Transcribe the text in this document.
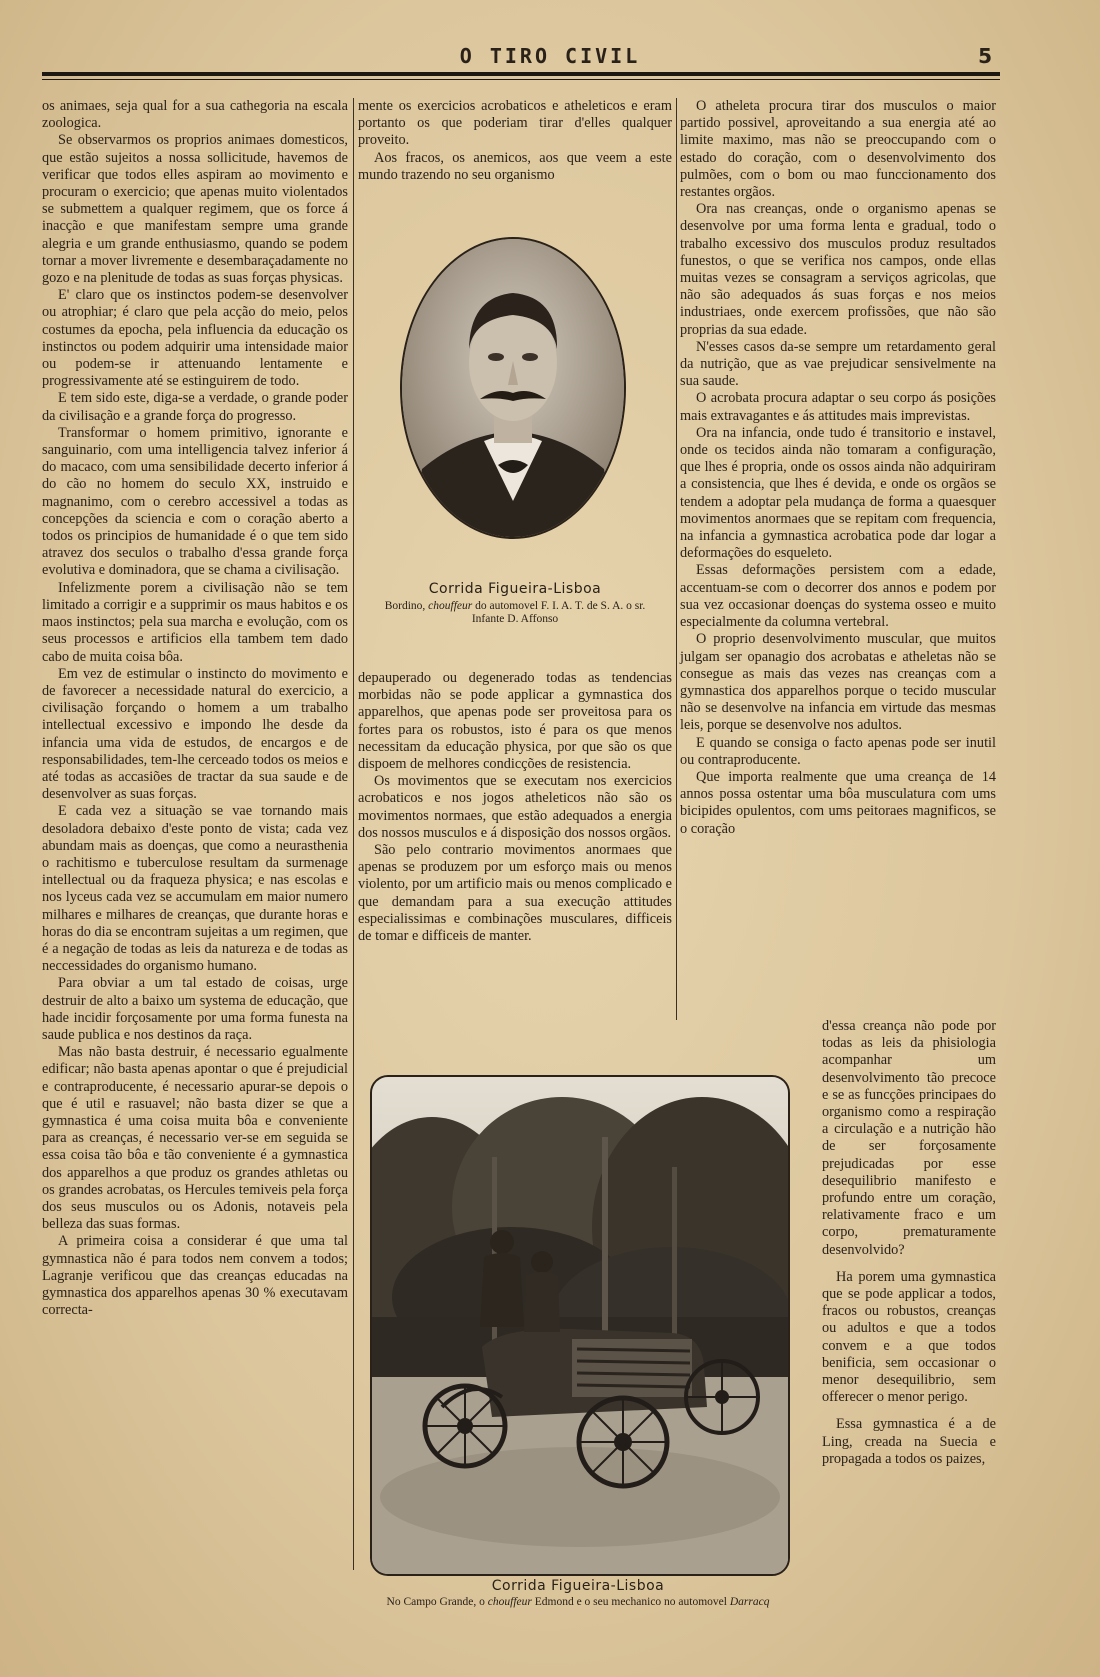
O TIRO CIVIL	5

os animaes, seja qual for a sua cathegoria na escala zoologica.

Se observarmos os proprios animaes domesticos, que estão sujeitos a nossa sollicitude, havemos de verificar que todos elles aspiram ao movimento e procuram o exercicio; que apenas muito violentados se submettem a qualquer regimem, que os force á inacção e que manifestam sempre uma grande alegria e um grande enthusiasmo, quando se podem tornar a mover livremente e desembaraçadamente no gozo e na plenitude de todas as suas forças physicas.

E' claro que os instinctos podem-se desenvolver ou atrophiar; é claro que pela acção do meio, pelos costumes da epocha, pela influencia da educação os instinctos ou podem adquirir uma intensidade maior ou podem-se ir attenuando lentamente e progressivamente até se estinguirem de todo.

E tem sido este, diga-se a verdade, o grande poder da civilisação e a grande força do progresso.

Transformar o homem primitivo, ignorante e sanguinario, com uma intelligencia talvez inferior á do macaco, com uma sensibilidade decerto inferior á do cão no homem do seculo XX, instruido e magnanimo, com o cerebro accessivel a todas as concepções da sciencia e com o coração aberto a todos os principios de humanidade é o que tem sido atravez dos seculos o trabalho d'essa grande força evolutiva e dominadora, que se chama a civilisação.

Infelizmente porem a civilisação não se tem limitado a corrigir e a supprimir os maus habitos e os maos instinctos; pela sua marcha e evolução, com os seus processos e artificios ella tambem tem dado cabo de muita coisa bôa.

Em vez de estimular o instincto do movimento e de favorecer a necessidade natural do exercicio, a civilisação forçando o homem a um trabalho intellectual excessivo e impondo lhe desde da infancia uma vida de estudos, de encargos e de responsabilidades, tem-lhe cerceado todos os meios e até todas as accasiões de tractar da sua saude e de desenvolver as suas forças.

E cada vez a situação se vae tornando mais desoladora debaixo d'este ponto de vista; cada vez abundam mais as doenças, que como a neurasthenia o rachitismo e tuberculose resultam da surmenage intellectual ou da fraqueza physica; e nas escolas e nos lyceus cada vez se accumulam em maior numero milhares e milhares de creanças, que durante horas e horas do dia se encontram sujeitas a um regimen, que é a negação de todas as leis da natureza e de todas as neccessidades do organismo humano.

Para obviar a um tal estado de coisas, urge destruir de alto a baixo um systema de educação, que hade incidir forçosamente por uma forma funesta na saude publica e nos destinos da raça.

Mas não basta destruir, é necessario egualmente edificar; não basta apenas apontar o que é prejudicial e contraproducente, é necessario apurar-se depois o que é util e rasuavel; não basta dizer se que a gymnastica é uma coisa muita bôa e conveniente para as creanças, é necessario ver-se em seguida se essa coisa tão bôa e tão conveniente é a gymnastica dos apparelhos a que produz os grandes athletas ou os grandes acrobatas, os Hercules temiveis pela força dos seus musculos ou os Adonis, notaveis pela belleza das suas formas.

A primeira coisa a considerar é que uma tal gymnastica não é para todos nem convem a todos; Lagranje verificou que das creanças educadas na gymnastica dos apparelhos apenas 30 % executavam correcta-

mente os exercicios acrobaticos e atheleticos e eram portanto os que poderiam tirar d'elles qualquer proveito.

Aos fracos, os anemicos, aos que veem a este mundo trazendo no seu organismo

Corrida Figueira-Lisboa
Bordino, chouffeur do automovel F. I. A. T. de S. A. o sr. Infante D. Affonso

depauperado ou degenerado todas as tendencias morbidas não se pode applicar a gymnastica dos apparelhos, que apenas pode ser proveitosa para os fortes para os robustos, isto é para os que menos necessitam da educação physica, por que são os que dispoem de melhores condicções de resistencia.

Os movimentos que se executam nos exercicios acrobaticos e nos jogos atheleticos não são os movimentos normaes, que estão adequados a energia dos nossos musculos e á disposição dos nossos orgãos.

São pelo contrario movimentos anormaes que apenas se produzem por um esforço mais ou menos violento, por um artificio mais ou menos complicado e que demandam para a sua execução attitudes especialissimas e combinações musculares, difficeis de tomar e difficeis de manter.

O atheleta procura tirar dos musculos o maior partido possivel, aproveitando a sua energia até ao limite maximo, mas não se preoccupando com o estado do coração, com o desenvolvimento dos pulmões, com o bom ou mao funccionamento dos restantes orgãos.

Ora nas creanças, onde o organismo apenas se desenvolve por uma forma lenta e gradual, todo o trabalho excessivo dos musculos produz resultados funestos, o que se verifica nos campos, onde ellas muitas vezes se consagram a serviços agricolas, que não são adequados ás suas forças e nos meios industriaes, onde exercem profissões, que não são proprias da sua edade.

N'esses casos da-se sempre um retardamento geral da nutrição, que as vae prejudicar sensivelmente na sua saude.

O acrobata procura adaptar o seu corpo ás posições mais extravagantes e ás attitudes mais imprevistas.

Ora na infancia, onde tudo é transitorio e instavel, onde os tecidos ainda não tomaram a configuração, que lhes é propria, onde os ossos ainda não adquiriram a consistencia, que lhes é devida, e onde os orgãos se tendem a adoptar pela mudança de forma a quaesquer movimentos anormaes que se repitam com frequencia, na infancia a gymnastica acrobatica pode dar logar a deformações do esqueleto.

Essas deformações persistem com a edade, accentuam-se com o decorrer dos annos e podem por sua vez occasionar doenças do systema osseo e muito especialmente da columna vertebral.

O proprio desenvolvimento muscular, que muitos julgam ser opanagio dos acrobatas e atheletas não se consegue as mais das vezes nas creanças com a gymnastica dos apparelhos porque o tecido muscular não se desenvolve na infancia em virtude das mesmas leis, porque se desenvolve nos adultos.

E quando se consiga o facto apenas pode ser inutil ou contraproducente.

Que importa realmente que uma creança de 14 annos possa ostentar uma bôa musculatura com ums bicipides opulentos, com ums peitoraes magnificos, se o coração

d'essa creança não pode por todas as leis da phisiologia acompanhar um desenvolvimento tão precoce e se as funcções principaes do organismo como a respiração a circulação e a nutrição hão de ser forçosamente prejudicadas por esse desequilibrio manifesto e profundo entre um coração, relativamente fraco e um corpo, prematuramente desenvolvido?

Ha porem uma gymnastica que se pode applicar a todos, fracos ou robustos, creanças ou adultos e que a todos convem e a que todos benificia, sem occasionar o menor desequilibrio, sem offerecer o menor perigo.

Essa gymnastica é a de Ling, creada na Suecia e propagada a todos os paizes,

Corrida Figueira-Lisboa
No Campo Grande, o chouffeur Edmond e o seu mechanico no automovel Darracq
